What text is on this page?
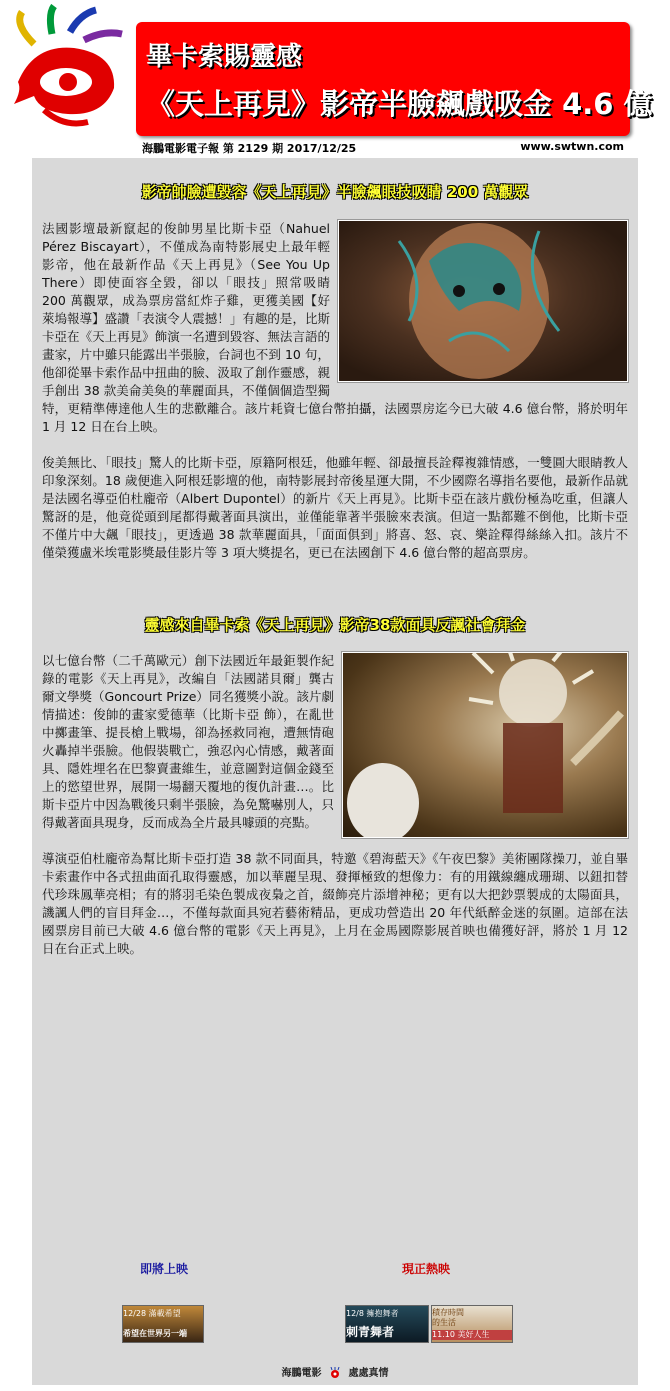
畢卡索賜靈感
《天上再見》影帝半臉飆戲吸金 4.6 億
海鵬電影電子報 第 2129 期 2017/12/25	www.swtwn.com
影帝帥臉遭毀容《天上再見》半臉飆眼技吸睛 200 萬觀眾

法國影壇最新竄起的俊帥男星比斯卡亞（Nahuel Pérez Biscayart），不僅成為南特影展史上最年輕影帝，他在最新作品《天上再見》（See You Up There）即使面容全毀，卻以「眼技」照常吸睛 200 萬觀眾，成為票房當紅炸子雞，更獲美國【好萊塢報導】盛讚「表演令人震撼！」有趣的是，比斯卡亞在《天上再見》飾演一名遭到毀容、無法言語的畫家，片中雖只能露出半張臉，台詞也不到 10 句，他卻從畢卡索作品中扭曲的臉、汲取了創作靈感，親手創出 38 款美侖美奐的華麗面具，不僅個個造型獨特，更精準傳達他人生的悲歡離合。該片耗資七億台幣拍攝，法國票房迄今已大破 4.6 億台幣，將於明年 1 月 12 日在台上映。

俊美無比、「眼技」驚人的比斯卡亞，原籍阿根廷，他雖年輕、卻最擅長詮釋複雜情感，一雙圓大眼睛教人印象深刻。18 歲便進入阿根廷影壇的他，南特影展封帝後星運大開，不少國際名導指名要他，最新作品就是法國名導亞伯杜龐帝（Albert Dupontel）的新片《天上再見》。比斯卡亞在該片戲份極為吃重，但讓人驚訝的是，他竟從頭到尾都得戴著面具演出，並僅能靠著半張臉來表演。但這一點都難不倒他，比斯卡亞不僅片中大飆「眼技」，更透過 38 款華麗面具，「面面俱到」將喜、怒、哀、樂詮釋得絲絲入扣。該片不僅榮獲盧米埃電影獎最佳影片等 3 項大獎提名，更已在法國創下 4.6 億台幣的超高票房。

靈感來自畢卡索《天上再見》影帝38款面具反諷社會拜金

以七億台幣（二千萬歐元）創下法國近年最鉅製作紀錄的電影《天上再見》，改編自「法國諾貝爾」龔古爾文學獎（Goncourt Prize）同名獲獎小說。該片劇情描述：俊帥的畫家愛德華（比斯卡亞 飾），在亂世中擲畫筆、提長槍上戰場，卻為拯救同袍，遭無情砲火轟掉半張臉。他假裝戰亡，強忍內心情感，戴著面具、隱姓埋名在巴黎賣畫維生，並意圖對這個金錢至上的慾望世界，展開一場翻天覆地的復仇計畫…。比斯卡亞片中因為戰後只剩半張臉，為免驚嚇別人，只得戴著面具現身，反而成為全片最具噱頭的亮點。

導演亞伯杜龐帝為幫比斯卡亞打造 38 款不同面具，特邀《碧海藍天》《午夜巴黎》美術團隊操刀，並自畢卡索畫作中各式扭曲面孔取得靈感，加以華麗呈現、發揮極致的想像力：有的用鐵線纏成珊瑚、以鈕扣替代珍珠鳳華亮相；有的將羽毛染色製成夜梟之首，綴飾亮片添增神秘；更有以大把鈔票製成的太陽面具，譏諷人們的盲目拜金…，不僅每款面具宛若藝術精品，更成功營造出 20 年代紙醉金迷的氛圍。這部在法國票房目前已大破 4.6 億台幣的電影《天上再見》，上月在金馬國際影展首映也備獲好評，將於 1 月 12 日在台正式上映。

即將上映	現正熱映
12/28 滿載希望
希望在世界另一端
12/8 擁抱舞者
刺青舞者
積存時間
的生活
11.10 美好人生
海鵬電影	處處真情
